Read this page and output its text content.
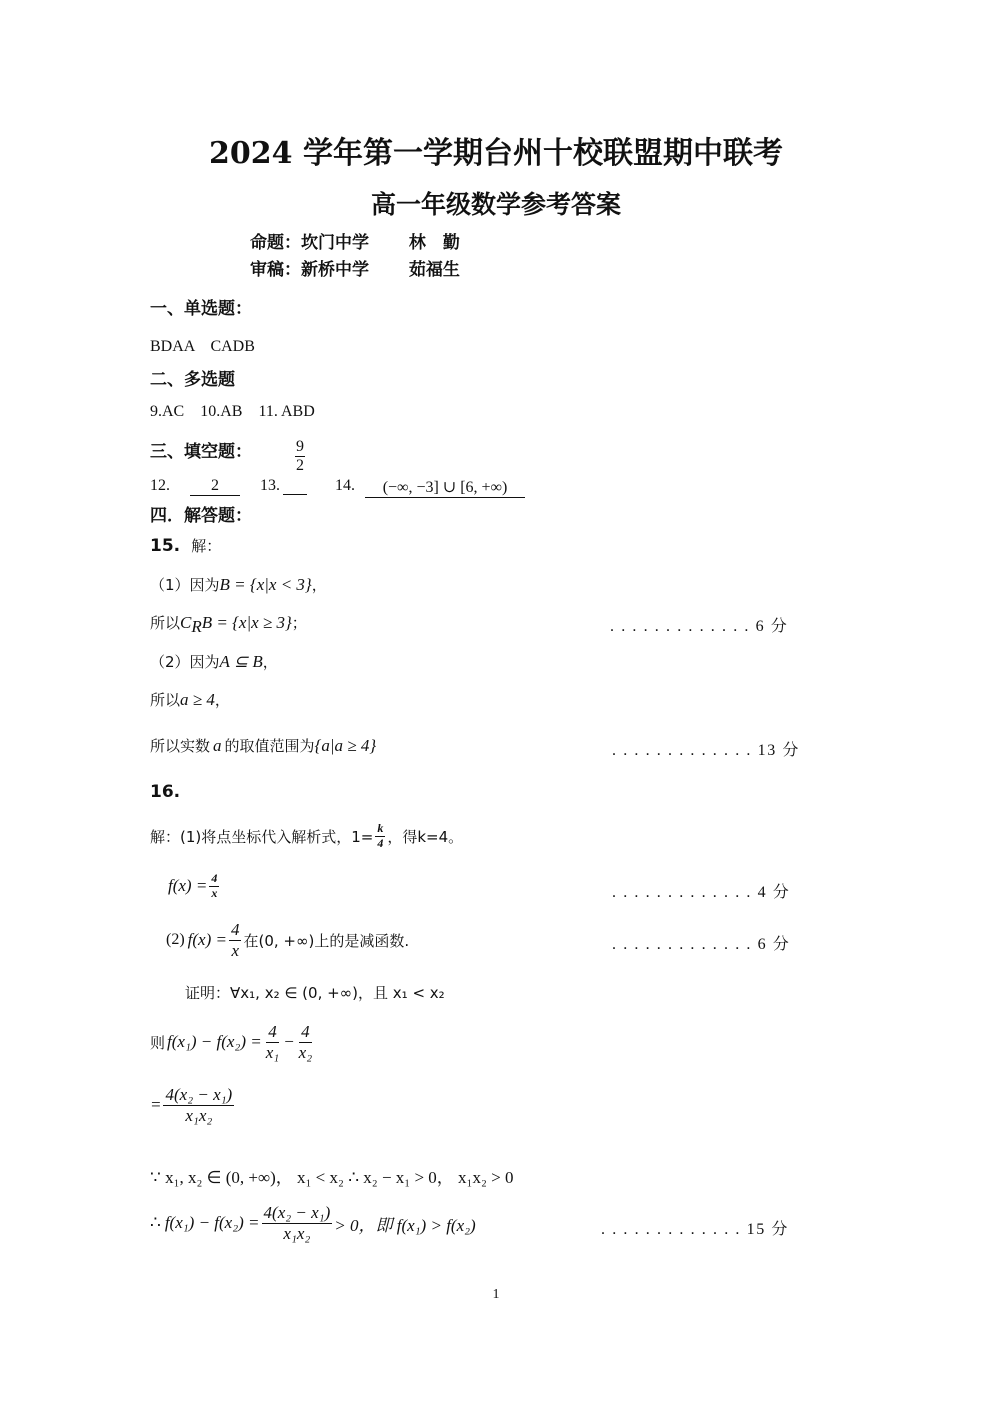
2024 学年第一学期台州十校联盟期中联考
高一年级数学参考答案
命题：坎门中学 林　勤
审稿：新桥中学 茹福生
一、单选题：
BDAA　CADB
二、多选题
9.AC　10.AB　11. ABD
三、填空题：
12.	2	13.
$\frac{9}{2}$
14.	(−∞, −3] ∪ [6, +∞)
四．解答题：
15. 解：
（1）因为B = {x|x < 3}，
所以$C_RB = \{x|x \ge 3\}$；	. . . . . . . . . . . . . 6 分
（2）因为A ⊆ B，
所以a ≥ 4，
所以实数 a 的取值范围为{a|a ≥ 4}	. . . . . . . . . . . . . 13 分
16.
解：(1)将点坐标代入解析式，$1= \frac{k}{4}$ ，得k=4。
$f(x) = \frac{4}{x}$	. . . . . . . . . . . . . 4 分
(2) $f(x) = \frac{4}{x}$ 在(0, +∞)上的是减函数.	. . . . . . . . . . . . . 6 分
证明：∀x₁, x₂ ∈ (0, +∞)，且 x₁ < x₂
则 $f(x_1) - f(x_2) = \frac{4}{\text{x₁}} - \frac{4}{\text{x₂}}$
= $\frac{\text{4(x₂ − x₁)}}{\text{x₁x₂}}$
∵ x₁, x₂ ∈ (0, +∞)， x₁ < x₂ ∴ x₂ − x₁ > 0， x₁x₂ > 0
∴ $f(x_1) - f(x_2) = \frac{\text{4(x₂ − x₁)}}{\text{x₁x₂}} > 0$，即 f(x₁) > f(x₂)	. . . . . . . . . . . . . 15 分
1
